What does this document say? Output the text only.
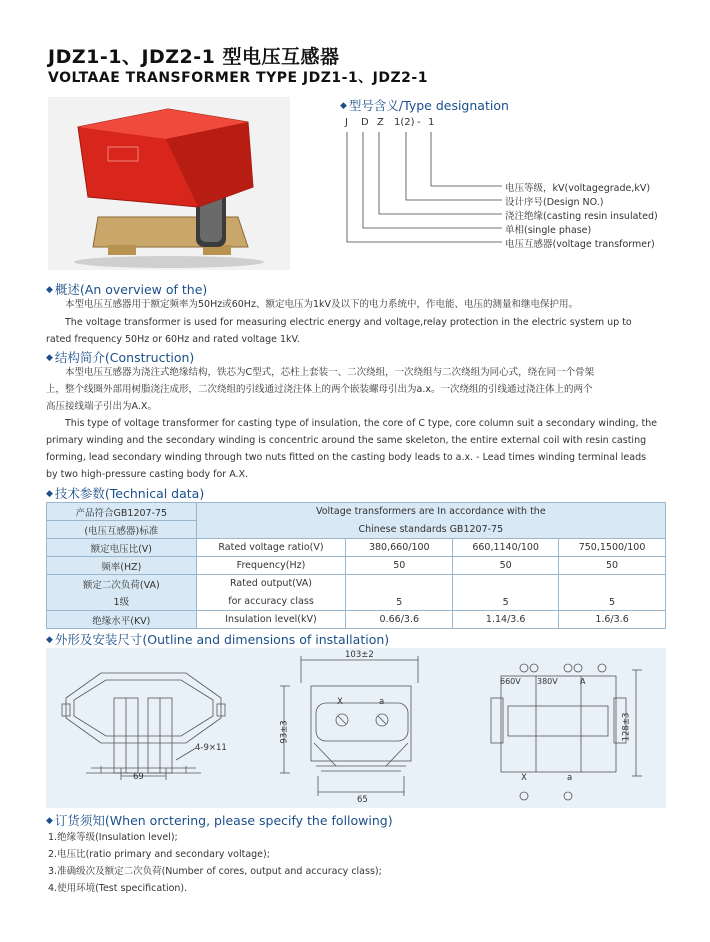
JDZ1-1、JDZ2-1 型电压互感器
VOLTAAE TRANSFORMER TYPE JDZ1-1、JDZ2-1
◆ 型号含义/Type designation
J D Z 1(2) - 1
电压等级，kV(voltagegrade,kV)
设计序号(Design NO.)
浇注绝缘(casting resin insulated)
单相(single phase)
电压互感器(voltage transformer)
◆ 概述(An overview of the)
本型电压互感器用于额定频率为50Hz或60Hz、额定电压为1kV及以下的电力系统中，作电能、电压的测量和继电保护用。
The voltage transformer is used for measuring electric energy and voltage,relay protection in the electric system up to
rated frequency 50Hz or 60Hz and rated voltage 1kV.
◆ 结构简介(Construction)
本型电压互感器为浇注式绝缘结构，铁芯为C型式，芯柱上套装一、二次绕组，一次绕组与二次绕组为同心式，绕在同一个骨架
上，整个线圈外部用树脂浇注成形，二次绕组的引线通过浇注体上的两个嵌装螺母引出为a.x。一次绕组的引线通过浇注体上的两个
高压接线端子引出为A.X。
This type of voltage transformer for casting type of insulation, the core of C type, core column suit a secondary winding, the
primary winding and the secondary winding is concentric around the same skeleton, the entire external coil with resin casting
forming, lead secondary winding through two nuts fitted on the casting body leads to a.x. - Lead times winding terminal leads
by two high-pressure casting body for A.X.
◆ 技术参数(Technical data)
产品符合GB1207-75	Voltage transformers are In accordance with the			
(电压互感器)标准	Chinese standards GB1207-75			
额定电压比(V)	Rated voltage ratio(V)	380,660/100	660,1140/100	750,1500/100
频率(HZ)	Frequency(Hz)	50	50	50
额定二次负荷(VA)	Rated output(VA)	5	5	5
1级	for accuracy class			
绝缘水平(KV)	Insulation level(kV)	0.66/3.6	1.14/3.6	1.6/3.6
◆ 外形及安装尺寸(Outline and dimensions of installation)
4-9×11
69
103±2
93±3
65
X	a
660V 380V	A
X	a
128±3
◆ 订货须知(When orctering, please specify the following)
1.绝缘等级(Insulation level);
2.电压比(ratio primary and secondary voltage);
3.准确级次及额定二次负荷(Number of cores, output and accuracy class);
4.使用环境(Test specification).
